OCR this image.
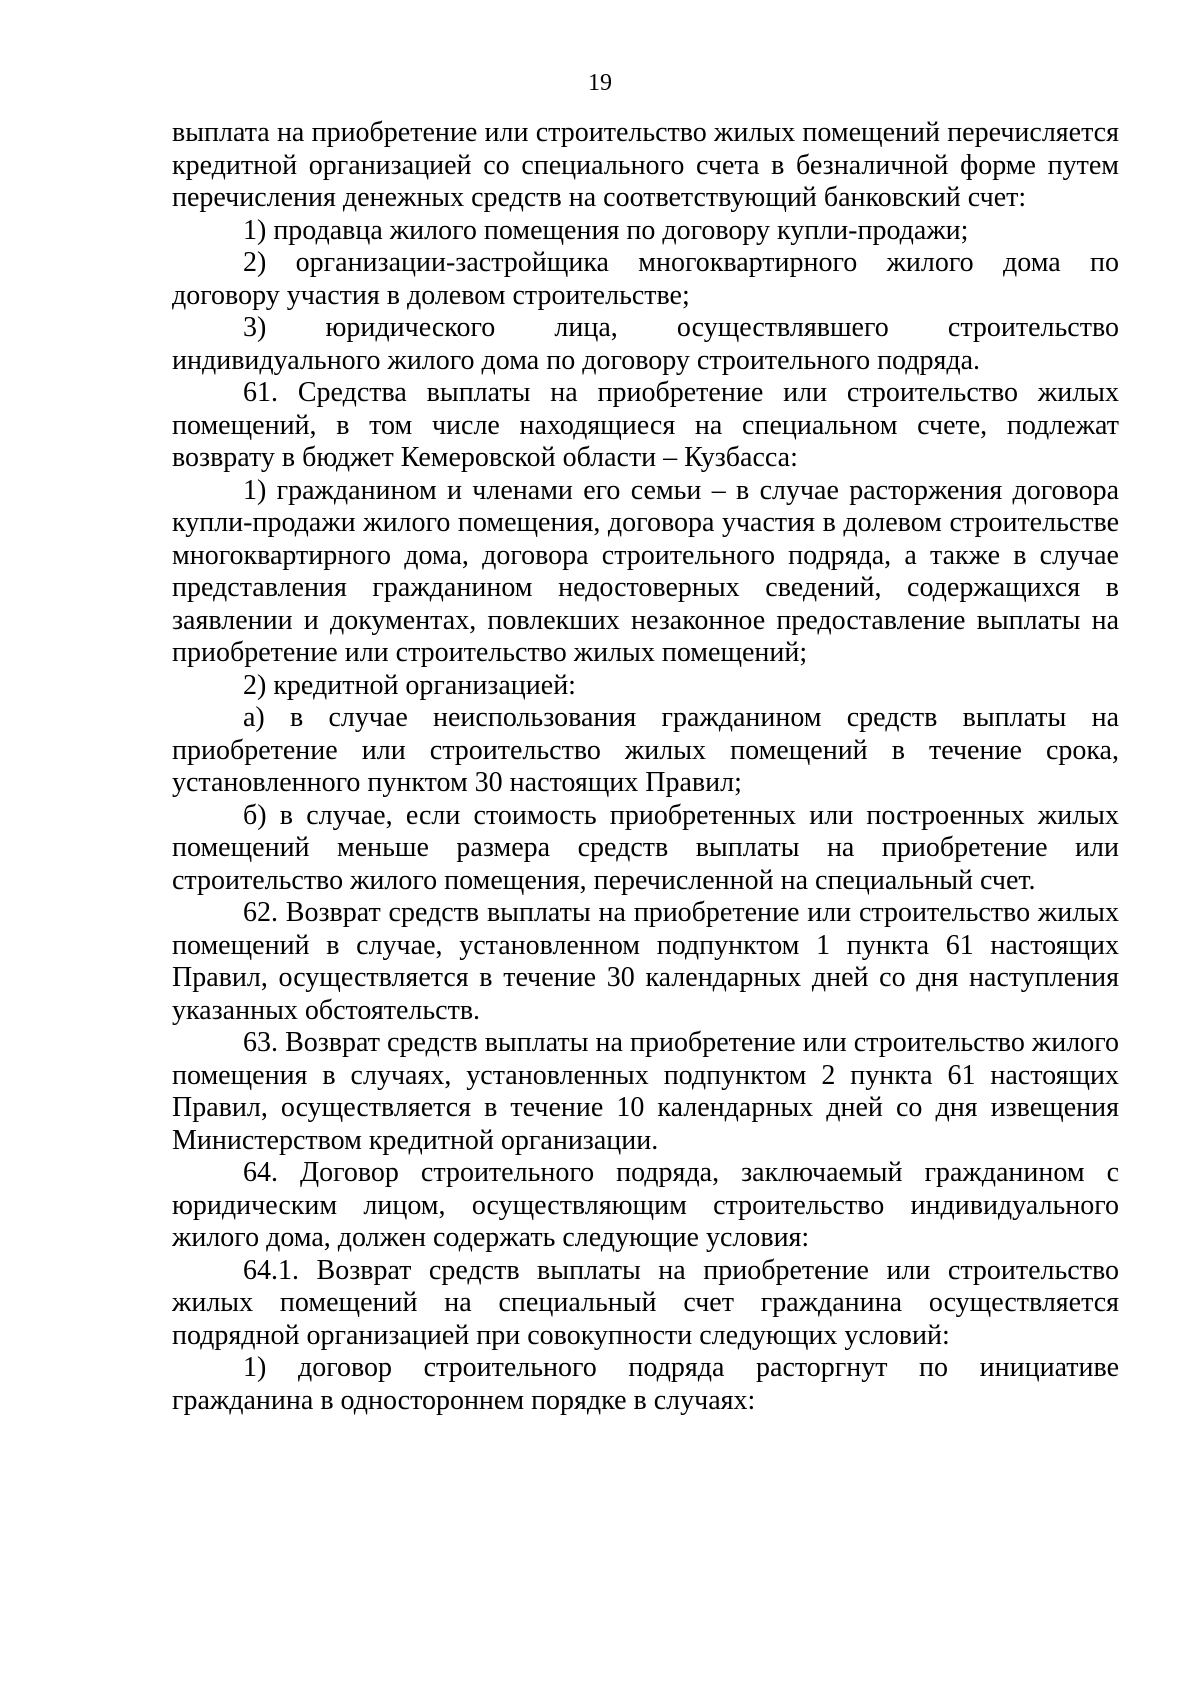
19

выплата на приобретение или строительство жилых помещений перечисляется кредитной организацией со специального счета в безналичной форме путем перечисления денежных средств на соответствующий банковский счет:

1) продавца жилого помещения по договору купли-продажи;

2) организации-застройщика многоквартирного жилого дома по договору участия в долевом строительстве;

3) юридического лица, осуществлявшего строительство индивидуального жилого дома по договору строительного подряда.

61. Средства выплаты на приобретение или строительство жилых помещений, в том числе находящиеся на специальном счете, подлежат возврату в бюджет Кемеровской области – Кузбасса:

1) гражданином и членами его семьи – в случае расторжения договора купли-продажи жилого помещения, договора участия в долевом строительстве многоквартирного дома, договора строительного подряда, а также в случае представления гражданином недостоверных сведений, содержащихся в заявлении и документах, повлекших незаконное предоставление выплаты на приобретение или строительство жилых помещений;

2) кредитной организацией:

а) в случае неиспользования гражданином средств выплаты на приобретение или строительство жилых помещений в течение срока, установленного пунктом 30 настоящих Правил;

б) в случае, если стоимость приобретенных или построенных жилых помещений меньше размера средств выплаты на приобретение или строительство жилого помещения, перечисленной на специальный счет.

62. Возврат средств выплаты на приобретение или строительство жилых помещений в случае, установленном подпунктом 1 пункта 61 настоящих Правил, осуществляется в течение 30 календарных дней со дня наступления указанных обстоятельств.

63. Возврат средств выплаты на приобретение или строительство жилого помещения в случаях, установленных подпунктом 2 пункта 61 настоящих Правил, осуществляется в течение 10 календарных дней со дня извещения Министерством кредитной организации.

64. Договор строительного подряда, заключаемый гражданином с юридическим лицом, осуществляющим строительство индивидуального жилого дома, должен содержать следующие условия:

64.1. Возврат средств выплаты на приобретение или строительство жилых помещений на специальный счет гражданина осуществляется подрядной организацией при совокупности следующих условий:

1) договор строительного подряда расторгнут по инициативе гражданина в одностороннем порядке в случаях:
